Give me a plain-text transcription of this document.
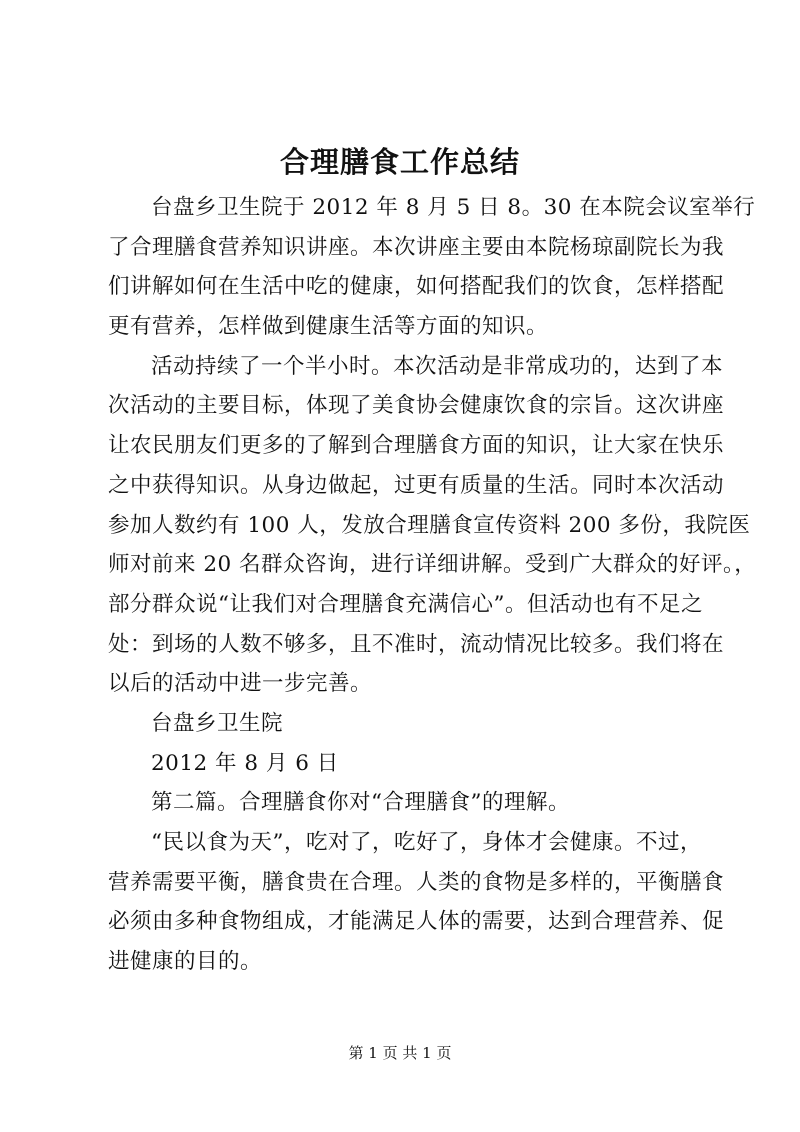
合理膳食工作总结
台盘乡卫生院于 2012 年 8 月 5 日 8。30 在本院会议室举行
了合理膳食营养知识讲座。本次讲座主要由本院杨琼副院长为我
们讲解如何在生活中吃的健康，如何搭配我们的饮食，怎样搭配
更有营养，怎样做到健康生活等方面的知识。
活动持续了一个半小时。本次活动是非常成功的，达到了本
次活动的主要目标，体现了美食协会健康饮食的宗旨。这次讲座
让农民朋友们更多的了解到合理膳食方面的知识，让大家在快乐
之中获得知识。从身边做起，过更有质量的生活。同时本次活动
参加人数约有 100 人，发放合理膳食宣传资料 200 多份，我院医
师对前来 20 名群众咨询，进行详细讲解。受到广大群众的好评。，
部分群众说“让我们对合理膳食充满信心”。但活动也有不足之
处：到场的人数不够多，且不准时，流动情况比较多。我们将在
以后的活动中进一步完善。
台盘乡卫生院
2012 年 8 月 6 日
第二篇。合理膳食你对“合理膳食”的理解。
“民以食为天”，吃对了，吃好了，身体才会健康。不过，
营养需要平衡，膳食贵在合理。人类的食物是多样的，平衡膳食
必须由多种食物组成，才能满足人体的需要，达到合理营养、促
进健康的目的。
第 1 页 共 1 页
